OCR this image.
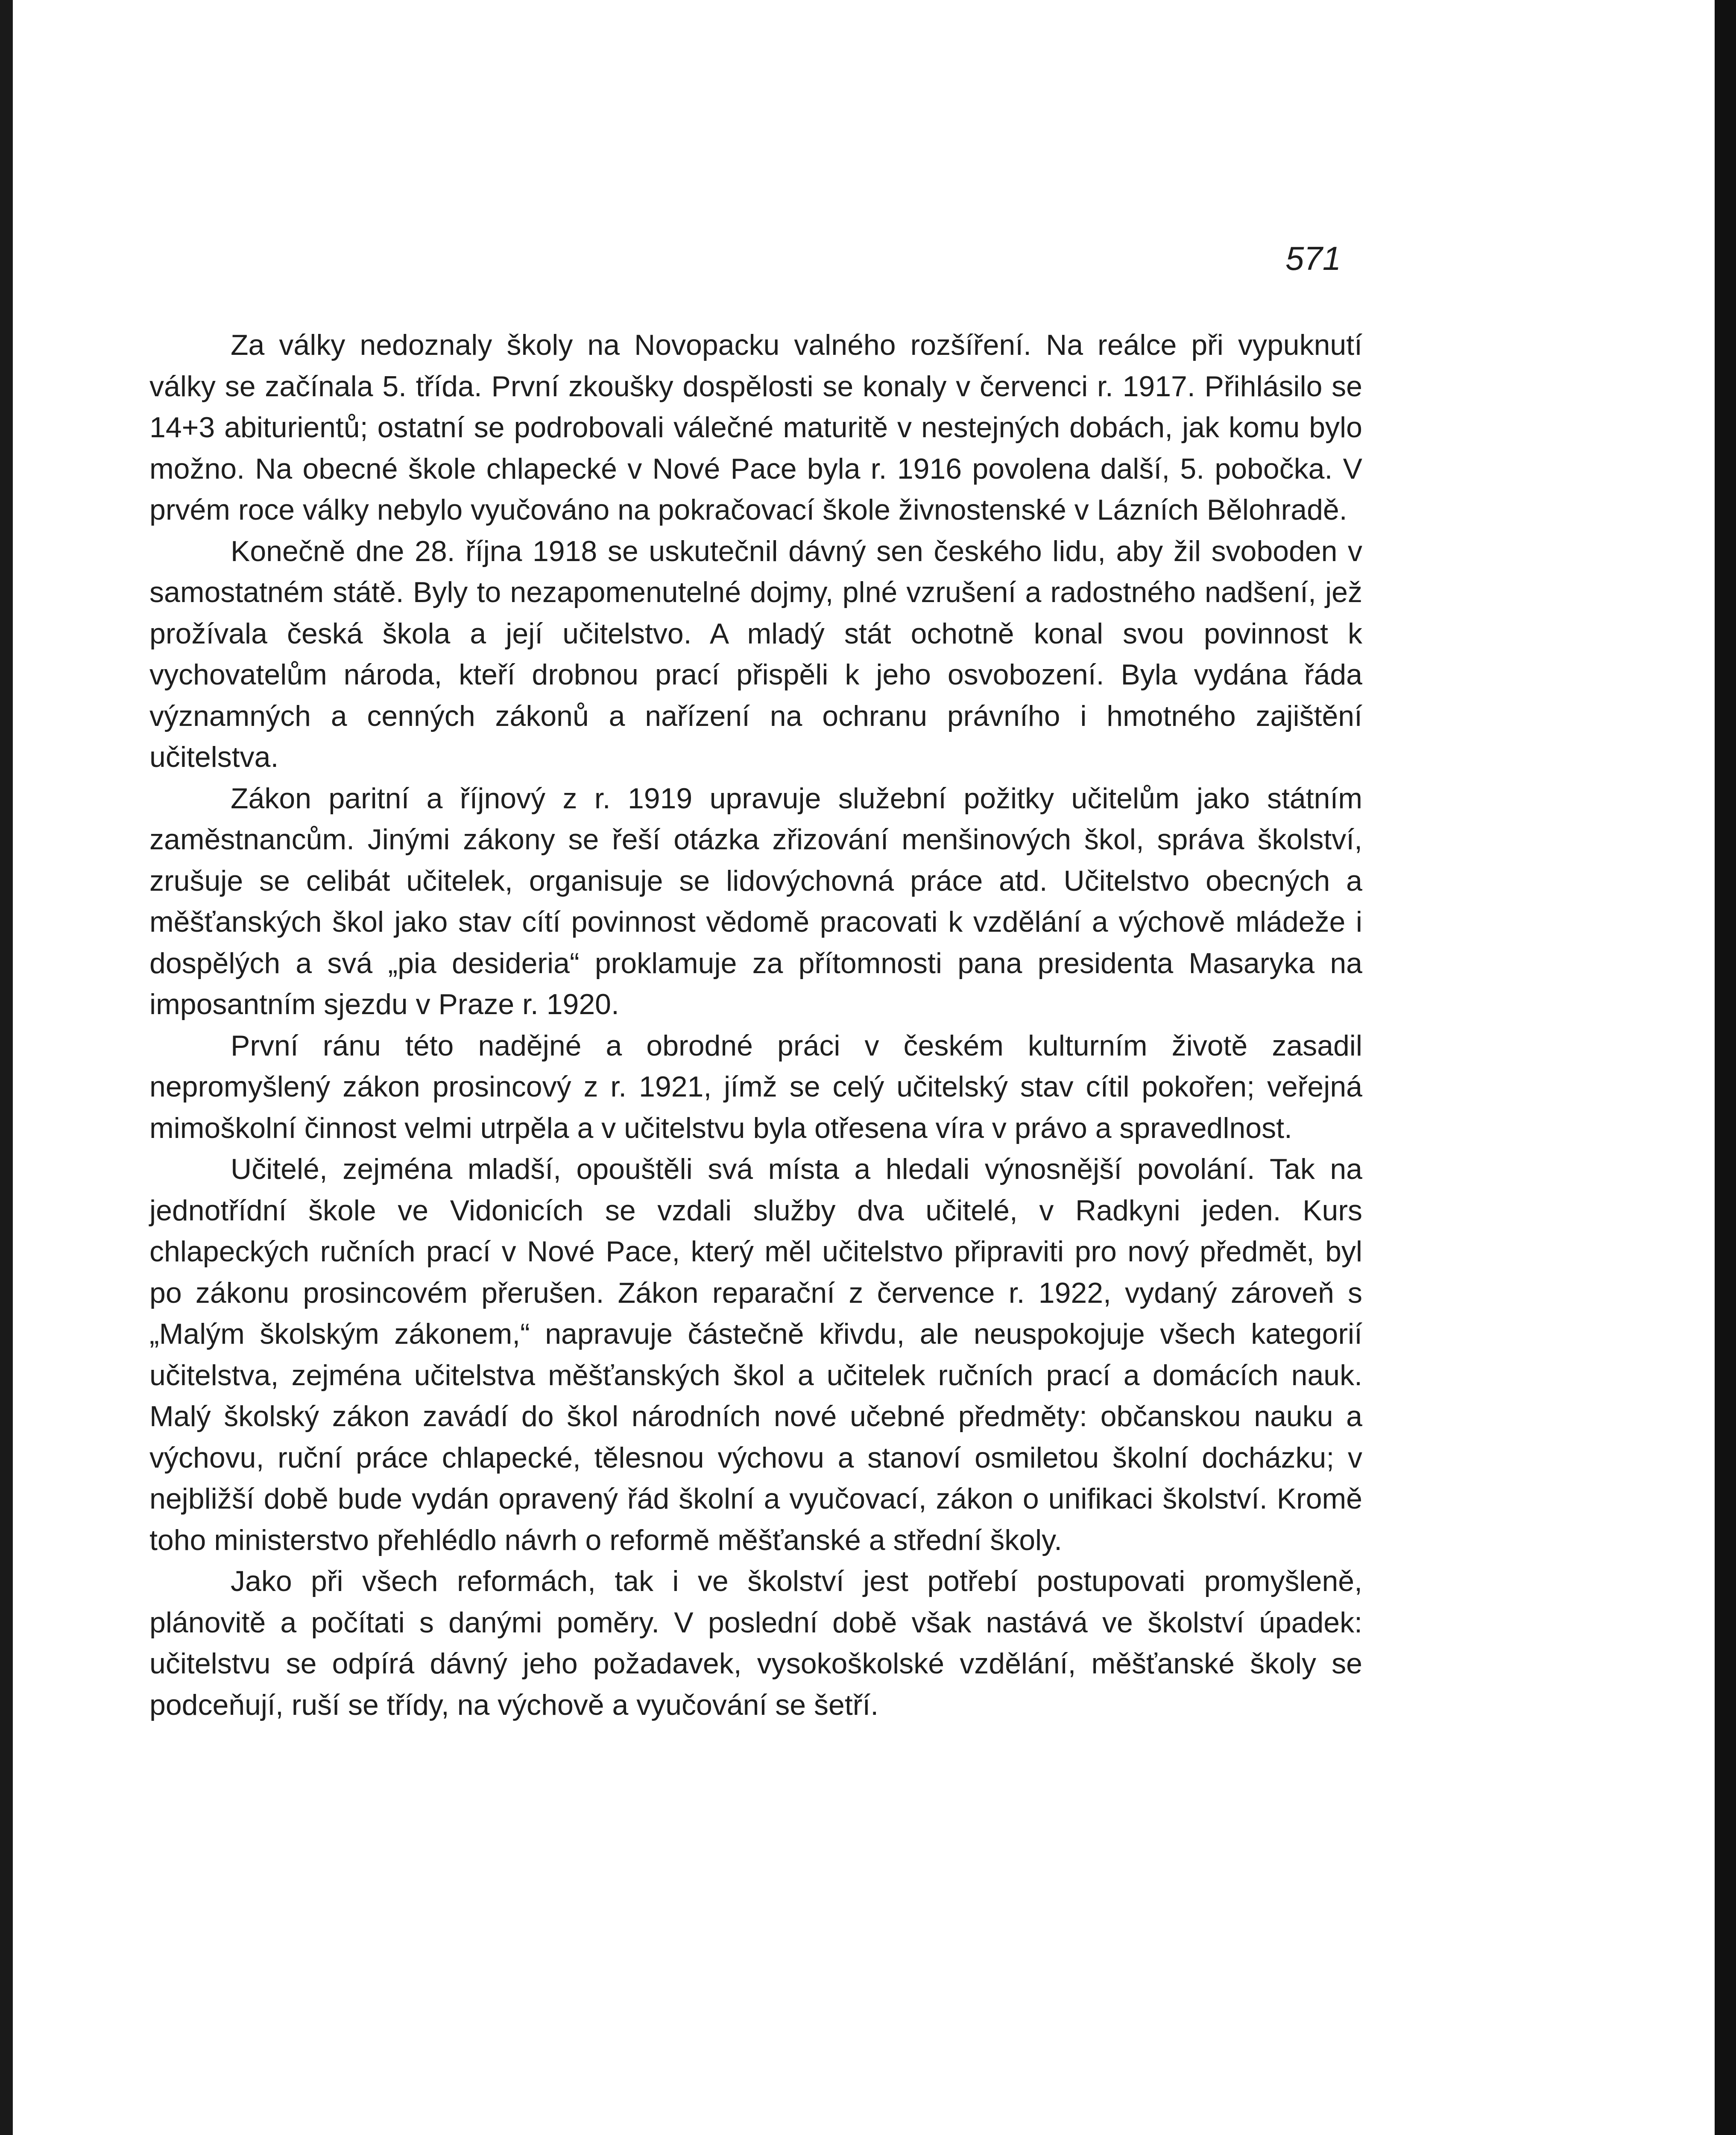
571

Za války nedoznaly školy na Novopacku valného rozšíření. Na reálce při vypuknutí války se začínala 5. třída. První zkoušky dospělosti se konaly v červenci r. 1917. Přihlásilo se 14+3 abiturientů; ostatní se podrobovali válečné maturitě v nestejných dobách, jak komu bylo možno. Na obecné škole chlapecké v Nové Pace byla r. 1916 povolena další, 5. pobočka. V prvém roce války nebylo vyučováno na pokračovací škole živnostenské v Lázních Bělohradě.

Konečně dne 28. října 1918 se uskutečnil dávný sen českého lidu, aby žil svoboden v samostatném státě. Byly to nezapomenutelné dojmy, plné vzrušení a radostného nadšení, jež prožívala česká škola a její učitelstvo. A mladý stát ochotně konal svou povinnost k vychovatelům národa, kteří drobnou prací přispěli k jeho osvobození. Byla vydána řáda významných a cenných zákonů a nařízení na ochranu právního i hmotného zajištění učitelstva.

Zákon paritní a říjnový z r. 1919 upravuje služební požitky učitelům jako státním zaměstnancům. Jinými zákony se řeší otázka zřizování menšinových škol, správa školství, zrušuje se celibát učitelek, organisuje se lidovýchovná práce atd. Učitelstvo obecných a měšťanských škol jako stav cítí povinnost vědomě pracovati k vzdělání a výchově mládeže i dospělých a svá „pia desideria“ proklamuje za přítomnosti pana presidenta Masaryka na imposantním sjezdu v Praze r. 1920.

První ránu této nadějné a obrodné práci v českém kulturním životě zasadil nepromyšlený zákon prosincový z r. 1921, jímž se celý učitelský stav cítil pokořen; veřejná mimoškolní činnost velmi utrpěla a v učitelstvu byla otřesena víra v právo a spravedlnost.

Učitelé, zejména mladší, opouštěli svá místa a hledali výnosnější povolání. Tak na jednotřídní škole ve Vidonicích se vzdali služby dva učitelé, v Radkyni jeden. Kurs chlapeckých ručních prací v Nové Pace, který měl učitelstvo připraviti pro nový předmět, byl po zákonu prosincovém přerušen. Zákon reparační z července r. 1922, vydaný zároveň s „Malým školským zákonem,“ napravuje částečně křivdu, ale neuspokojuje všech kategorií učitelstva, zejména učitelstva měšťanských škol a učitelek ručních prací a domácích nauk. Malý školský zákon zavádí do škol národních nové učebné předměty: občanskou nauku a výchovu, ruční práce chlapecké, tělesnou výchovu a stanoví osmiletou školní docházku; v nejbližší době bude vydán opravený řád školní a vyučovací, zákon o unifikaci školství. Kromě toho ministerstvo přehlédlo návrh o reformě měšťanské a střední školy.

Jako při všech reformách, tak i ve školství jest potřebí postupovati promyšleně, plánovitě a počítati s danými poměry. V poslední době však nastává ve školství úpadek: učitelstvu se odpírá dávný jeho požadavek, vysokoškolské vzdělání, měšťanské školy se podceňují, ruší se třídy, na výchově a vyučování se šetří.
